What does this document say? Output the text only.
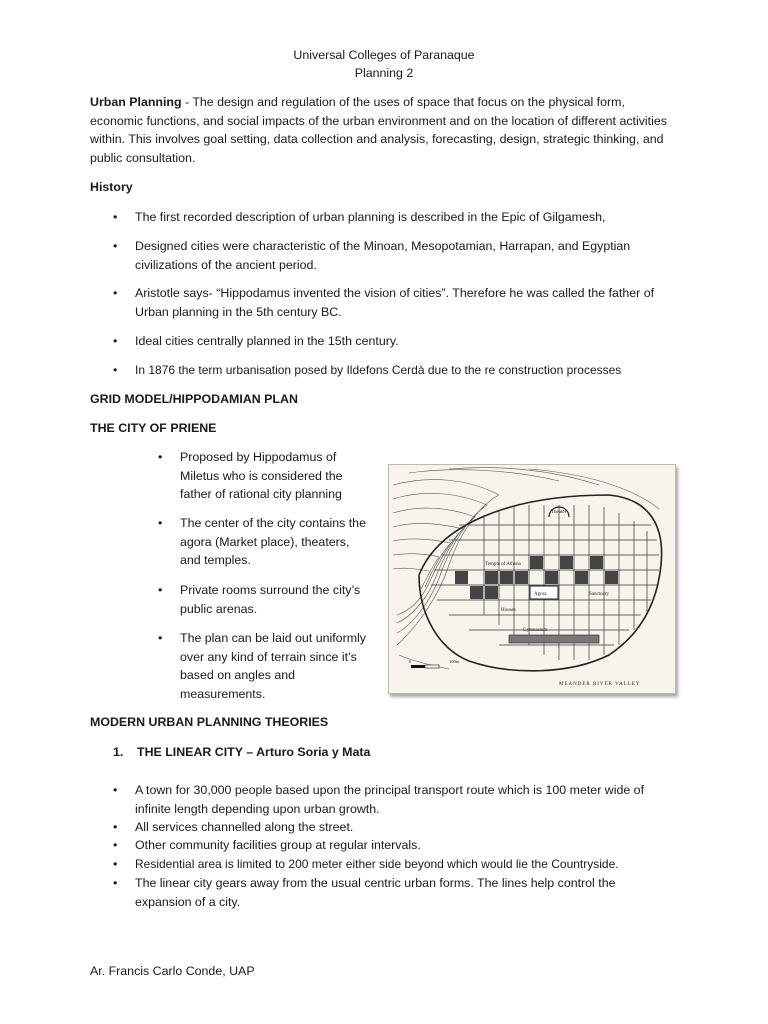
Universal Colleges of Paranaque
Planning 2
Urban Planning - The design and regulation of the uses of space that focus on the physical form, economic functions, and social impacts of the urban environment and on the location of different activities within. This involves goal setting, data collection and analysis, forecasting, design, strategic thinking, and public consultation.
History
• The first recorded description of urban planning is described in the Epic of Gilgamesh,
• Designed cities were characteristic of the Minoan, Mesopotamian, Harrapan, and Egyptian civilizations of the ancient period.
• Aristotle says- “Hippodamus invented the vision of cities”. Therefore he was called the father of Urban planning in the 5th century BC.
• Ideal cities centrally planned in the 15th century.
• In 1876 the term urbanisation posed by Ildefons Cerdà due to the re construction processes
GRID MODEL/HIPPODAMIAN PLAN
THE CITY OF PRIENE
• Proposed by Hippodamus of Miletus who is considered the father of rational city planning
• The center of the city contains the agora (Market place), theaters, and temples.
• Private rooms surround the city’s public arenas.
• The plan can be laid out uniformly over any kind of terrain since it’s based on angles and measurements.
Theater
Temple of Athena
Agora
Houses
Sanctuary
Gymnasium
0	100m
MEANDER RIVER VALLEY
MODERN URBAN PLANNING THEORIES
1. THE LINEAR CITY – Arturo Soria y Mata
• A town for 30,000 people based upon the principal transport route which is 100 meter wide of infinite length depending upon urban growth.
• All services channelled along the street.
• Other community facilities group at regular intervals.
• Residential area is limited to 200 meter either side beyond which would lie the Countryside.
• The linear city gears away from the usual centric urban forms. The lines help control the expansion of a city.
Ar. Francis Carlo Conde, UAP
